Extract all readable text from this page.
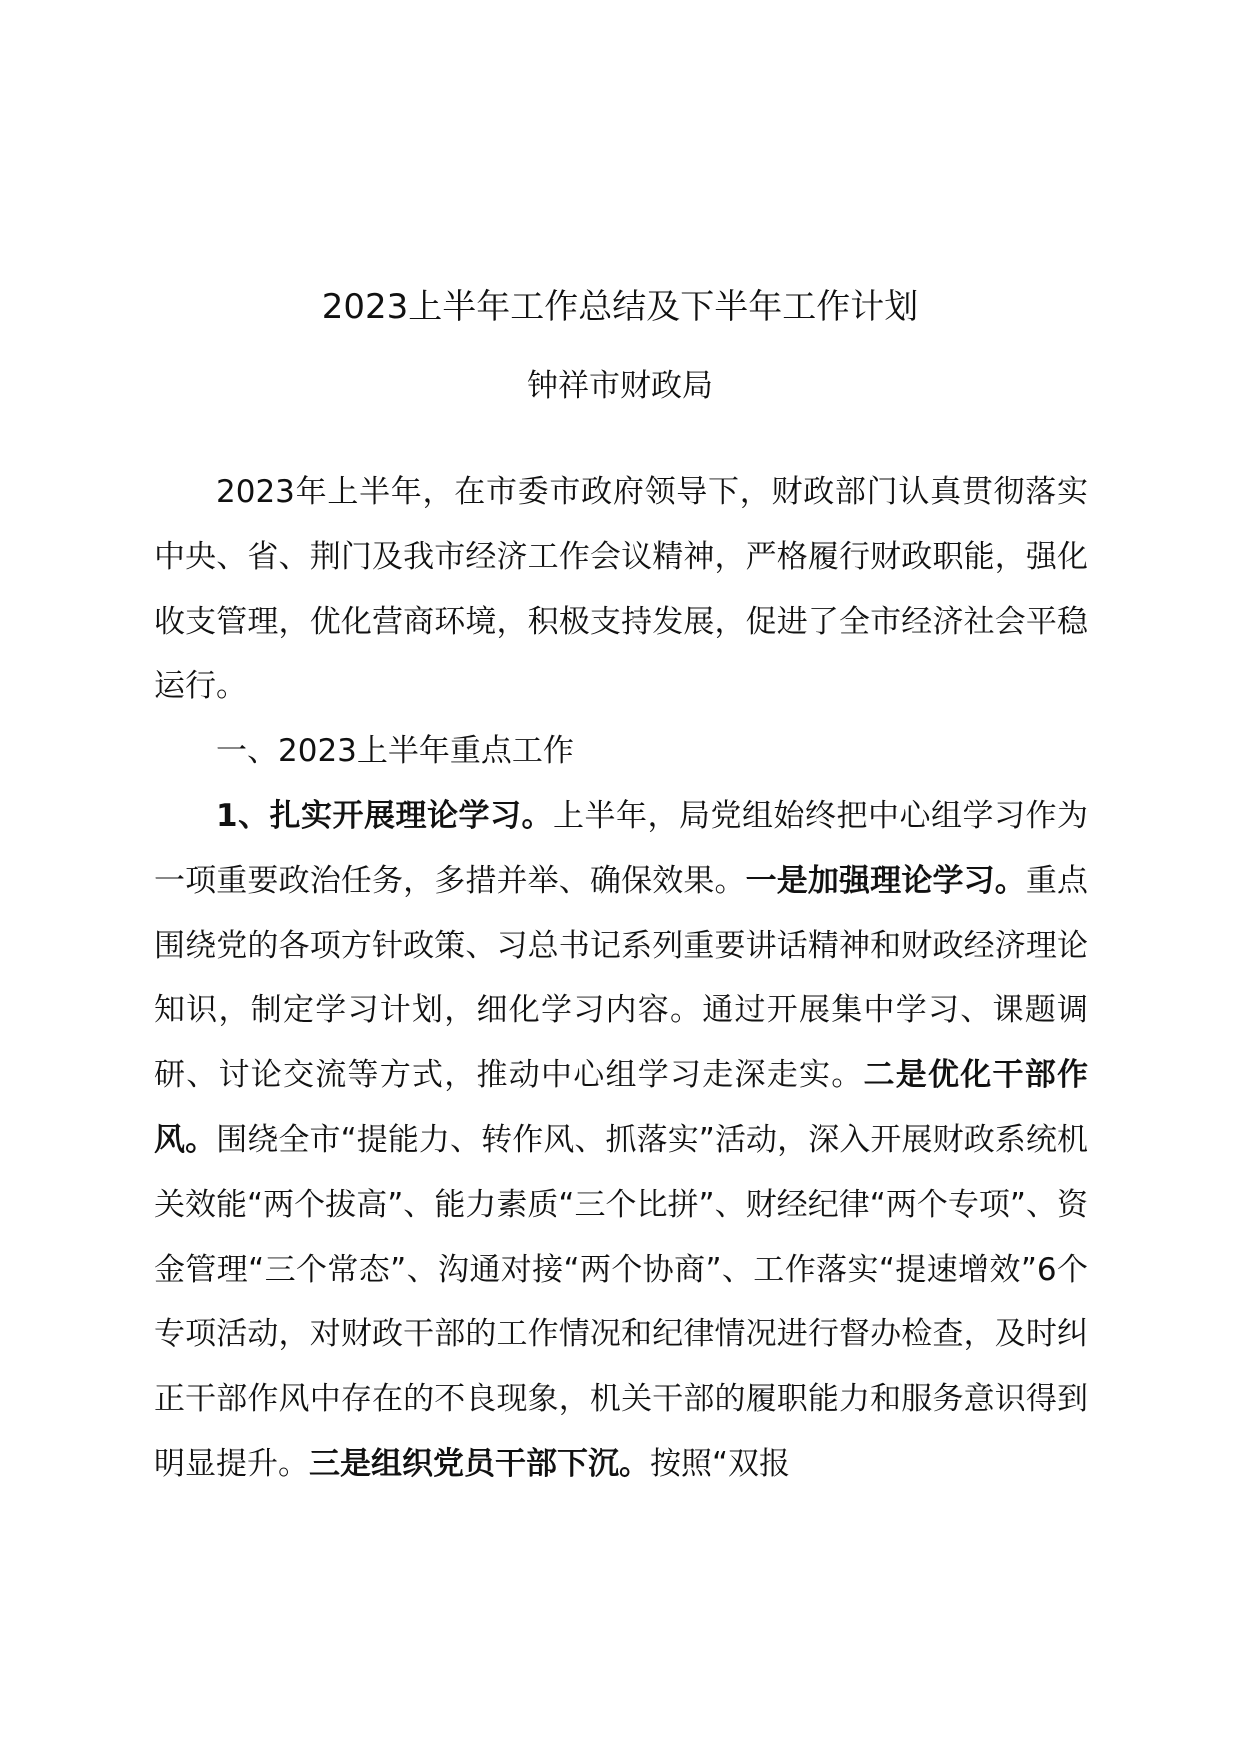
2023上半年工作总结及下半年工作计划
钟祥市财政局

2023年上半年，在市委市政府领导下，财政部门认真贯彻落实中央、省、荆门及我市经济工作会议精神，严格履行财政职能，强化收支管理，优化营商环境，积极支持发展，促进了全市经济社会平稳运行。

一、2023上半年重点工作

1、扎实开展理论学习。上半年，局党组始终把中心组学习作为一项重要政治任务，多措并举、确保效果。一是加强理论学习。重点围绕党的各项方针政策、习总书记系列重要讲话精神和财政经济理论知识，制定学习计划，细化学习内容。通过开展集中学习、课题调研、讨论交流等方式，推动中心组学习走深走实。二是优化干部作风。围绕全市“提能力、转作风、抓落实”活动，深入开展财政系统机关效能“两个拔高”、能力素质“三个比拼”、财经纪律“两个专项”、资金管理“三个常态”、沟通对接“两个协商”、工作落实“提速增效”6个专项活动，对财政干部的工作情况和纪律情况进行督办检查，及时纠正干部作风中存在的不良现象，机关干部的履职能力和服务意识得到明显提升。三是组织党员干部下沉。按照“双报
